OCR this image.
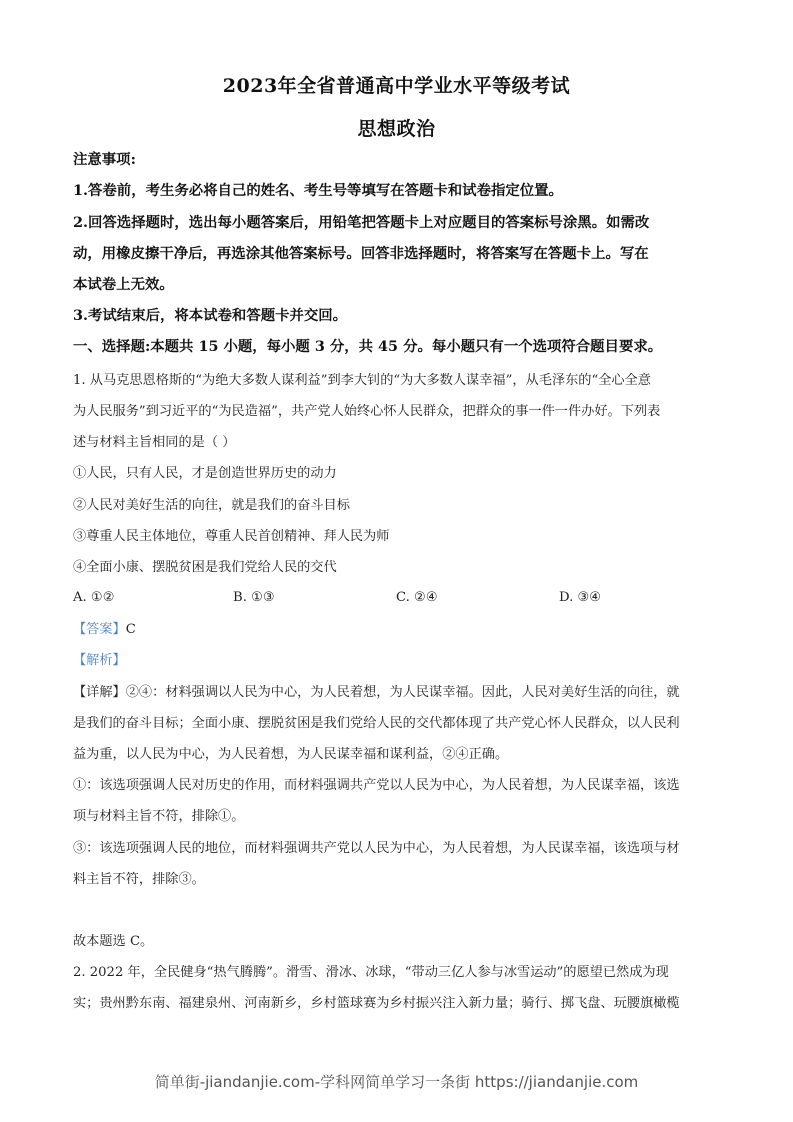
2023年全省普通高中学业水平等级考试
思想政治
注意事项:
1.答卷前，考生务必将自己的姓名、考生号等填写在答题卡和试卷指定位置。
2.回答选择题时，选出每小题答案后，用铅笔把答题卡上对应题目的答案标号涂黑。如需改
动，用橡皮擦干净后，再选涂其他答案标号。回答非选择题时，将答案写在答题卡上。写在
本试卷上无效。
3.考试结束后，将本试卷和答题卡并交回。
一、选择题:本题共 15 小题，每小题 3 分，共 45 分。每小题只有一个选项符合题目要求。
1. 从马克思恩格斯的“为绝大多数人谋利益”到李大钊的“为大多数人谋幸福”，从毛泽东的“全心全意
为人民服务”到习近平的“为民造福”，共产党人始终心怀人民群众，把群众的事一件一件办好。下列表
述与材料主旨相同的是（ ）
①人民，只有人民，才是创造世界历史的动力
②人民对美好生活的向往，就是我们的奋斗目标
③尊重人民主体地位，尊重人民首创精神、拜人民为师
④全面小康、摆脱贫困是我们党给人民的交代
A. ①②	B. ①③	C. ②④	D. ③④
【答案】C
【解析】
【详解】②④：材料强调以人民为中心，为人民着想，为人民谋幸福。因此，人民对美好生活的向往，就
是我们的奋斗目标；全面小康、摆脱贫困是我们党给人民的交代都体现了共产党心怀人民群众，以人民利
益为重，以人民为中心，为人民着想，为人民谋幸福和谋利益，②④正确。
①：该选项强调人民对历史的作用，而材料强调共产党以人民为中心，为人民着想，为人民谋幸福，该选
项与材料主旨不符，排除①。
③：该选项强调人民的地位，而材料强调共产党以人民为中心，为人民着想，为人民谋幸福，该选项与材
料主旨不符，排除③。
故本题选 C。
2. 2022 年，全民健身“热气腾腾”。滑雪、滑冰、冰球，“带动三亿人参与冰雪运动”的愿望已然成为现
实；贵州黔东南、福建泉州、河南新乡，乡村篮球赛为乡村振兴注入新力量；骑行、掷飞盘、玩腰旗橄榄
简单街-jiandanjie.com-学科网简单学习一条街 https://jiandanjie.com
